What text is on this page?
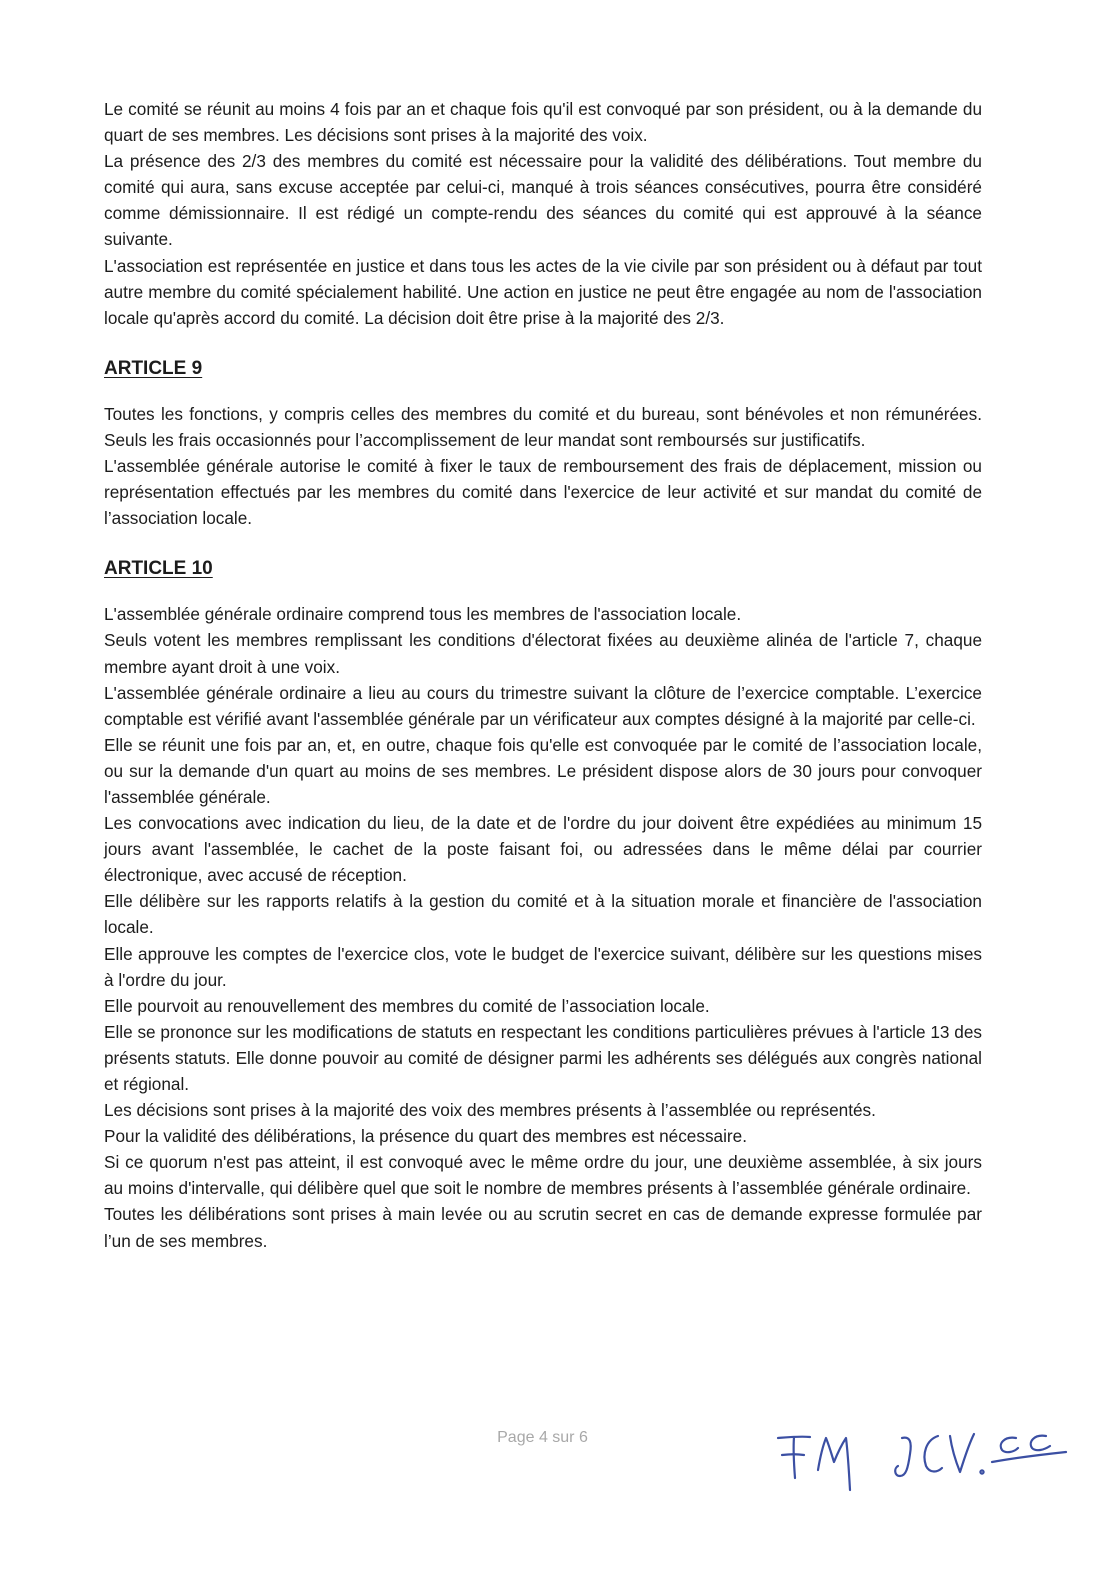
Le comité se réunit au moins 4 fois par an et chaque fois qu'il est convoqué par son président, ou à la demande du quart de ses membres. Les décisions sont prises à la majorité des voix.

La présence des 2/3 des membres du comité est nécessaire pour la validité des délibérations. Tout membre du comité qui aura, sans excuse acceptée par celui-ci, manqué à trois séances consécutives, pourra être considéré comme démissionnaire. Il est rédigé un compte-rendu des séances du comité qui est approuvé à la séance suivante.

L'association est représentée en justice et dans tous les actes de la vie civile par son président ou à défaut par tout autre membre du comité spécialement habilité. Une action en justice ne peut être engagée au nom de l'association locale qu'après accord du comité. La décision doit être prise à la majorité des 2/3.

ARTICLE 9

Toutes les fonctions, y compris celles des membres du comité et du bureau, sont bénévoles et non rémunérées. Seuls les frais occasionnés pour l’accomplissement de leur mandat sont remboursés sur justificatifs.

L'assemblée générale autorise le comité à fixer le taux de remboursement des frais de déplacement, mission ou représentation effectués par les membres du comité dans l'exercice de leur activité et sur mandat du comité de l’association locale.

ARTICLE 10

L'assemblée générale ordinaire comprend tous les membres de l'association locale.

Seuls votent les membres remplissant les conditions d'électorat fixées au deuxième alinéa de l'article 7, chaque membre ayant droit à une voix.

L'assemblée générale ordinaire a lieu au cours du trimestre suivant la clôture de l’exercice comptable. L’exercice comptable est vérifié avant l'assemblée générale par un vérificateur aux comptes désigné à la majorité par celle-ci.

Elle se réunit une fois par an, et, en outre, chaque fois qu'elle est convoquée par le comité de l’association locale, ou sur la demande d'un quart au moins de ses membres. Le président dispose alors de 30 jours pour convoquer l'assemblée générale.

Les convocations avec indication du lieu, de la date et de l'ordre du jour doivent être expédiées au minimum 15 jours avant l'assemblée, le cachet de la poste faisant foi, ou adressées dans le même délai par courrier électronique, avec accusé de réception.

Elle délibère sur les rapports relatifs à la gestion du comité et à la situation morale et financière de l'association locale.

Elle approuve les comptes de l'exercice clos, vote le budget de l'exercice suivant, délibère sur les questions mises à l'ordre du jour.

Elle pourvoit au renouvellement des membres du comité de l’association locale.

Elle se prononce sur les modifications de statuts en respectant les conditions particulières prévues à l'article 13 des présents statuts. Elle donne pouvoir au comité de désigner parmi les adhérents ses délégués aux congrès national et régional.

Les décisions sont prises à la majorité des voix des membres présents à l’assemblée ou représentés.

Pour la validité des délibérations, la présence du quart des membres est nécessaire.

Si ce quorum n'est pas atteint, il est convoqué avec le même ordre du jour, une deuxième assemblée, à six jours au moins d'intervalle, qui délibère quel que soit le nombre de membres présents à l’assemblée générale ordinaire.

Toutes les délibérations sont prises à main levée ou au scrutin secret en cas de demande expresse formulée par l’un de ses membres.

Page 4 sur 6
